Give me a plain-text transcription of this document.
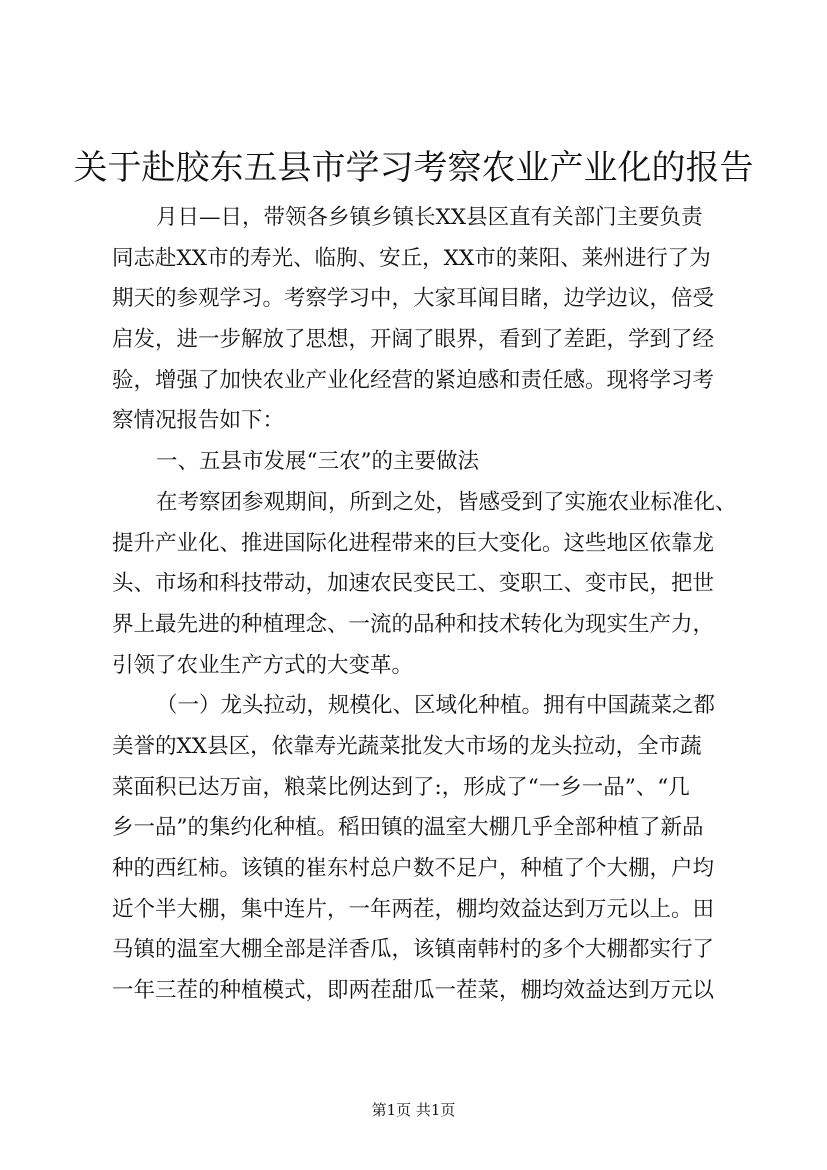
关于赴胶东五县市学习考察农业产业化的报告
月日—日，带领各乡镇乡镇长XX县区直有关部门主要负责
同志赴XX市的寿光、临朐、安丘，XX市的莱阳、莱州进行了为
期天的参观学习。考察学习中，大家耳闻目睹，边学边议，倍受
启发，进一步解放了思想，开阔了眼界，看到了差距，学到了经
验，增强了加快农业产业化经营的紧迫感和责任感。现将学习考
察情况报告如下：
一、五县市发展“三农”的主要做法
在考察团参观期间，所到之处，皆感受到了实施农业标准化、
提升产业化、推进国际化进程带来的巨大变化。这些地区依靠龙
头、市场和科技带动，加速农民变民工、变职工、变市民，把世
界上最先进的种植理念、一流的品种和技术转化为现实生产力，
引领了农业生产方式的大变革。
（一）龙头拉动，规模化、区域化种植。拥有中国蔬菜之都
美誉的XX县区，依靠寿光蔬菜批发大市场的龙头拉动，全市蔬
菜面积已达万亩，粮菜比例达到了:，形成了“一乡一品”、“几
乡一品”的集约化种植。稻田镇的温室大棚几乎全部种植了新品
种的西红柿。该镇的崔东村总户数不足户，种植了个大棚，户均
近个半大棚，集中连片，一年两茬，棚均效益达到万元以上。田
马镇的温室大棚全部是洋香瓜，该镇南韩村的多个大棚都实行了
一年三茬的种植模式，即两茬甜瓜一茬菜，棚均效益达到万元以
第1页 共1页
